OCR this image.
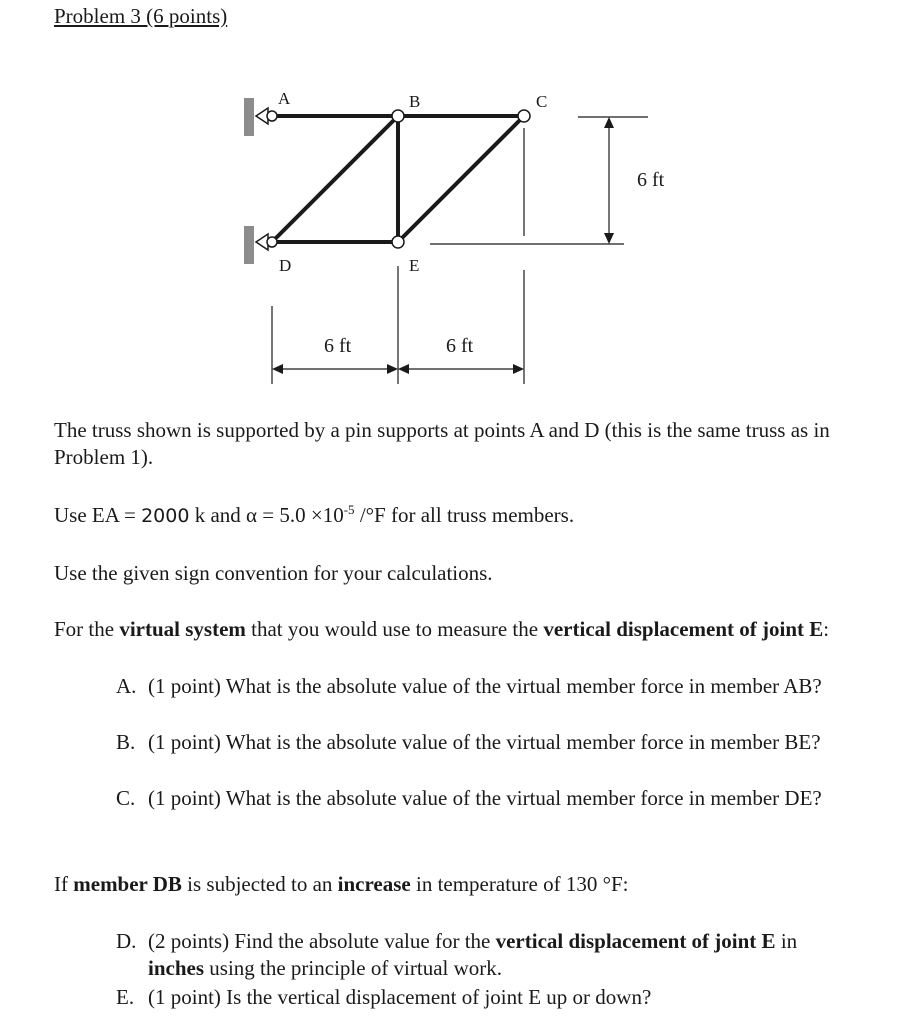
Problem 3 (6 points)
A	B	C
D	E
6 ft
6 ft	6 ft

The truss shown is supported by a pin supports at points A and D (this is the same truss as in Problem 1).

Use EA = 2000 k and $\alpha = 5.0 \times 10^{-5}$ /°F for all truss members.

Use the given sign convention for your calculations.

For the virtual system that you would use to measure the vertical displacement of joint E:

A. (1 point) What is the absolute value of the virtual member force in member AB?
B. (1 point) What is the absolute value of the virtual member force in member BE?
C. (1 point) What is the absolute value of the virtual member force in member DE?

If member DB is subjected to an increase in temperature of 130 °F:

D. (2 points) Find the absolute value for the vertical displacement of joint E in inches using the principle of virtual work.
E. (1 point) Is the vertical displacement of joint E up or down?
